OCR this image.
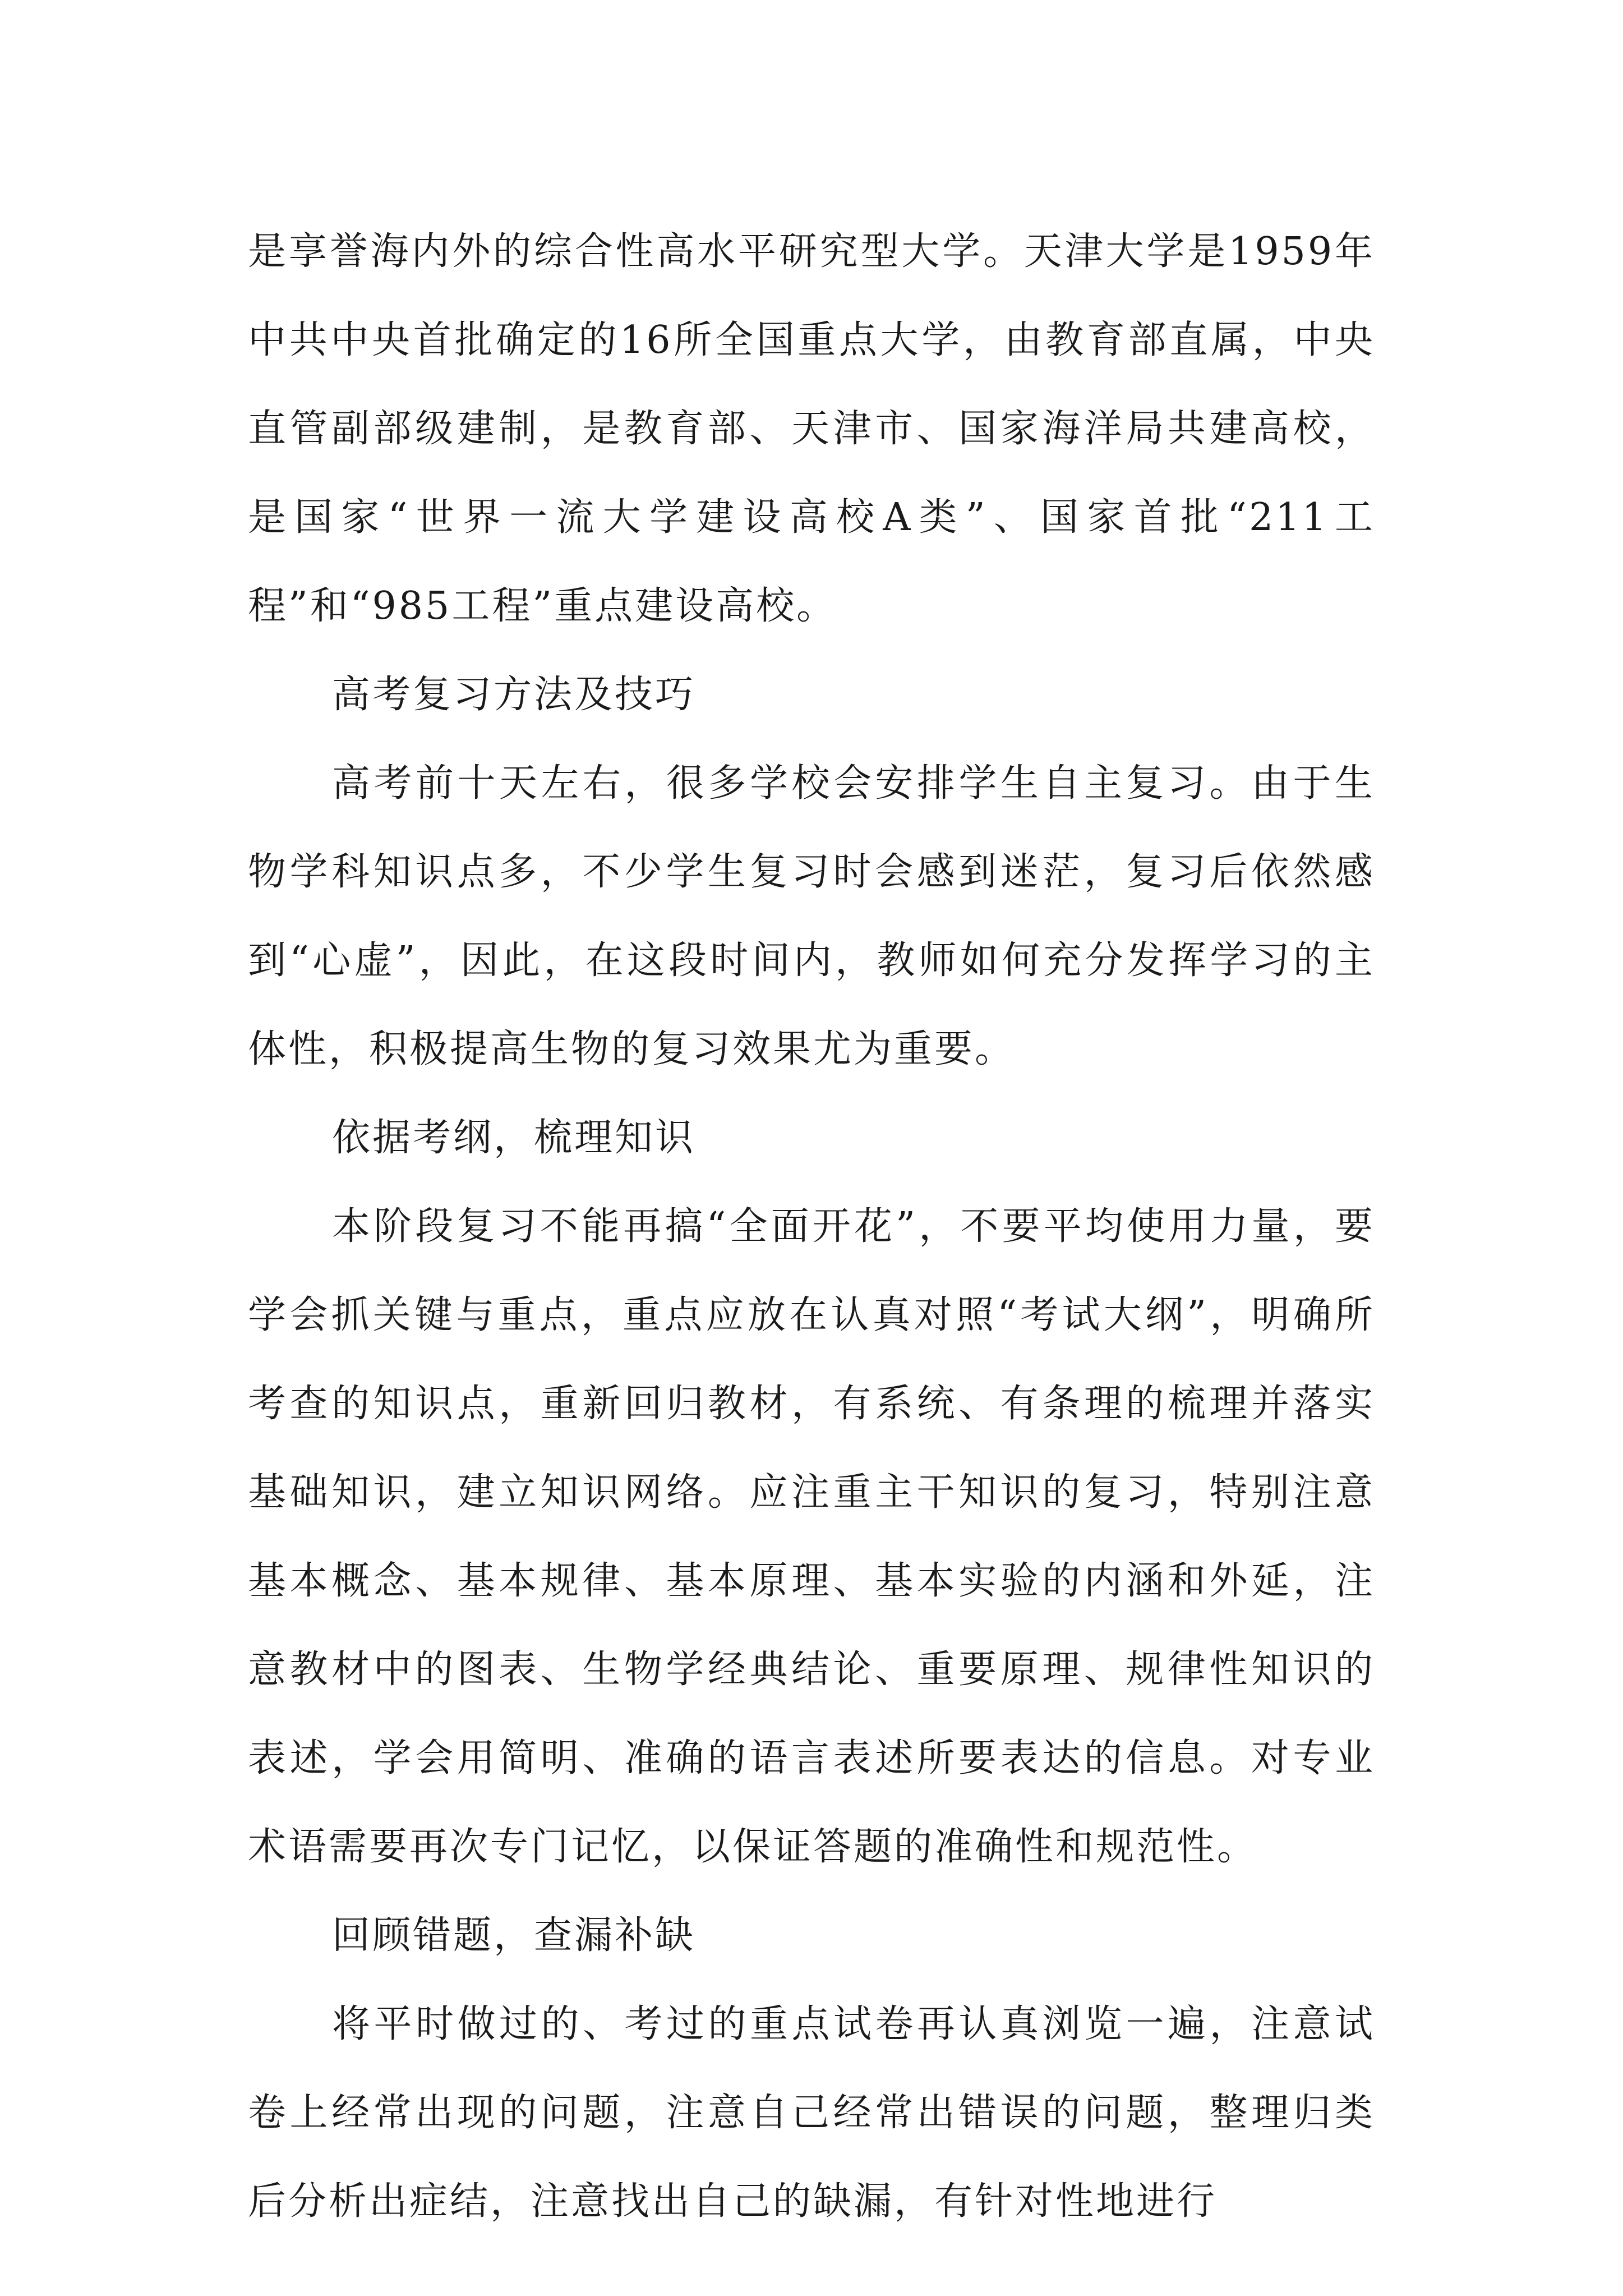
是享誉海内外的综合性高水平研究型大学。天津大学是1959年中共中央首批确定的16所全国重点大学，由教育部直属，中央直管副部级建制，是教育部、天津市、国家海洋局共建高校，是国家“世界一流大学建设高校A类”、国家首批“211工程”和“985工程”重点建设高校。

高考复习方法及技巧

高考前十天左右，很多学校会安排学生自主复习。由于生物学科知识点多，不少学生复习时会感到迷茫，复习后依然感到“心虚”，因此，在这段时间内，教师如何充分发挥学习的主体性，积极提高生物的复习效果尤为重要。

依据考纲，梳理知识

本阶段复习不能再搞“全面开花”，不要平均使用力量，要学会抓关键与重点，重点应放在认真对照“考试大纲”，明确所考查的知识点，重新回归教材，有系统、有条理的梳理并落实基础知识，建立知识网络。应注重主干知识的复习，特别注意基本概念、基本规律、基本原理、基本实验的内涵和外延，注意教材中的图表、生物学经典结论、重要原理、规律性知识的表述，学会用简明、准确的语言表述所要表达的信息。对专业术语需要再次专门记忆，以保证答题的准确性和规范性。

回顾错题，查漏补缺

将平时做过的、考过的重点试卷再认真浏览一遍，注意试卷上经常出现的问题，注意自己经常出错误的问题，整理归类后分析出症结，注意找出自己的缺漏，有针对性地进行
